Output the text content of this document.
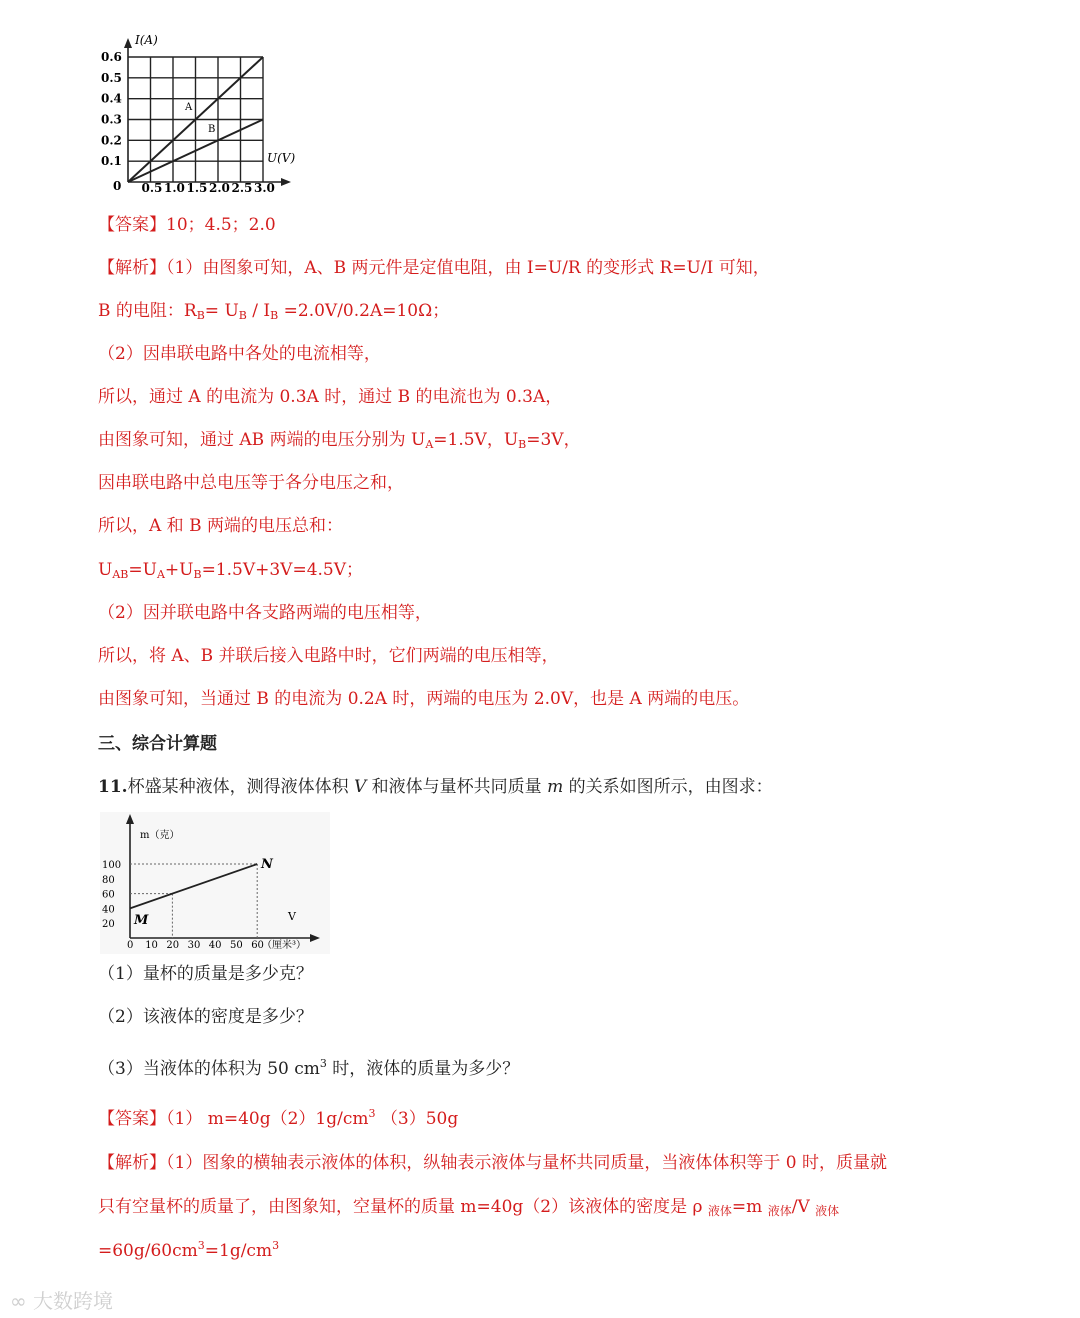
0.1
0.2
0.3
0.4
0.5
0.6
0.5 1.0 1.5 2.0 2.5 3.0
I(A)
U(V)
0
A
B
【答案】10；4.5；2.0
【解析】（1）由图象可知，A、B 两元件是定值电阻，由 I=U/R 的变形式 R=U/I 可知，
B 的电阻：$R_B= U_B / I_B =2.0V/0.2A=10\Omega$；
（2）因串联电路中各处的电流相等，
所以，通过 A 的电流为 0.3A 时，通过 B 的电流也为 0.3A，
由图象可知，通过 AB 两端的电压分别为 $U_A=1.5V$，$U_B=3V$，
因串联电路中总电压等于各分电压之和，
所以，A 和 B 两端的电压总和：
$U_{AB}=U_A+U_B=1.5V+3V=4.5V$；
（2）因并联电路中各支路两端的电压相等，
所以，将 A、B 并联后接入电路中时，它们两端的电压相等，
由图象可知，当通过 B 的电流为 0.2A 时，两端的电压为 2.0V，也是 A 两端的电压。
三、综合计算题
11.杯盛某种液体，测得液体体积 V 和液体与量杯共同质量 m 的关系如图所示，由图求：
20
40
60
80
100
0 10 20 30 40 50 60
m（克）
V
（厘米³）
M
N
（1）量杯的质量是多少克？
（2）该液体的密度是多少？
（3）当液体的体积为 50 $cm^3$ 时，液体的质量为多少？
【答案】（1） $m=40g(2)1g/cm^3$ （3）50g
【解析】（1）图象的横轴表示液体的体积，纵轴表示液体与量杯共同质量，当液体体积等于 0 时，质量就
只有空量杯的质量了，由图象知，空量杯的质量 m=40g（2）该液体的密度是 ρ $_{液体}$=m $_{液体}$/V $_{液体}$
$=60g/60cm^3=1g/cm^3$
∞ 大数跨境
